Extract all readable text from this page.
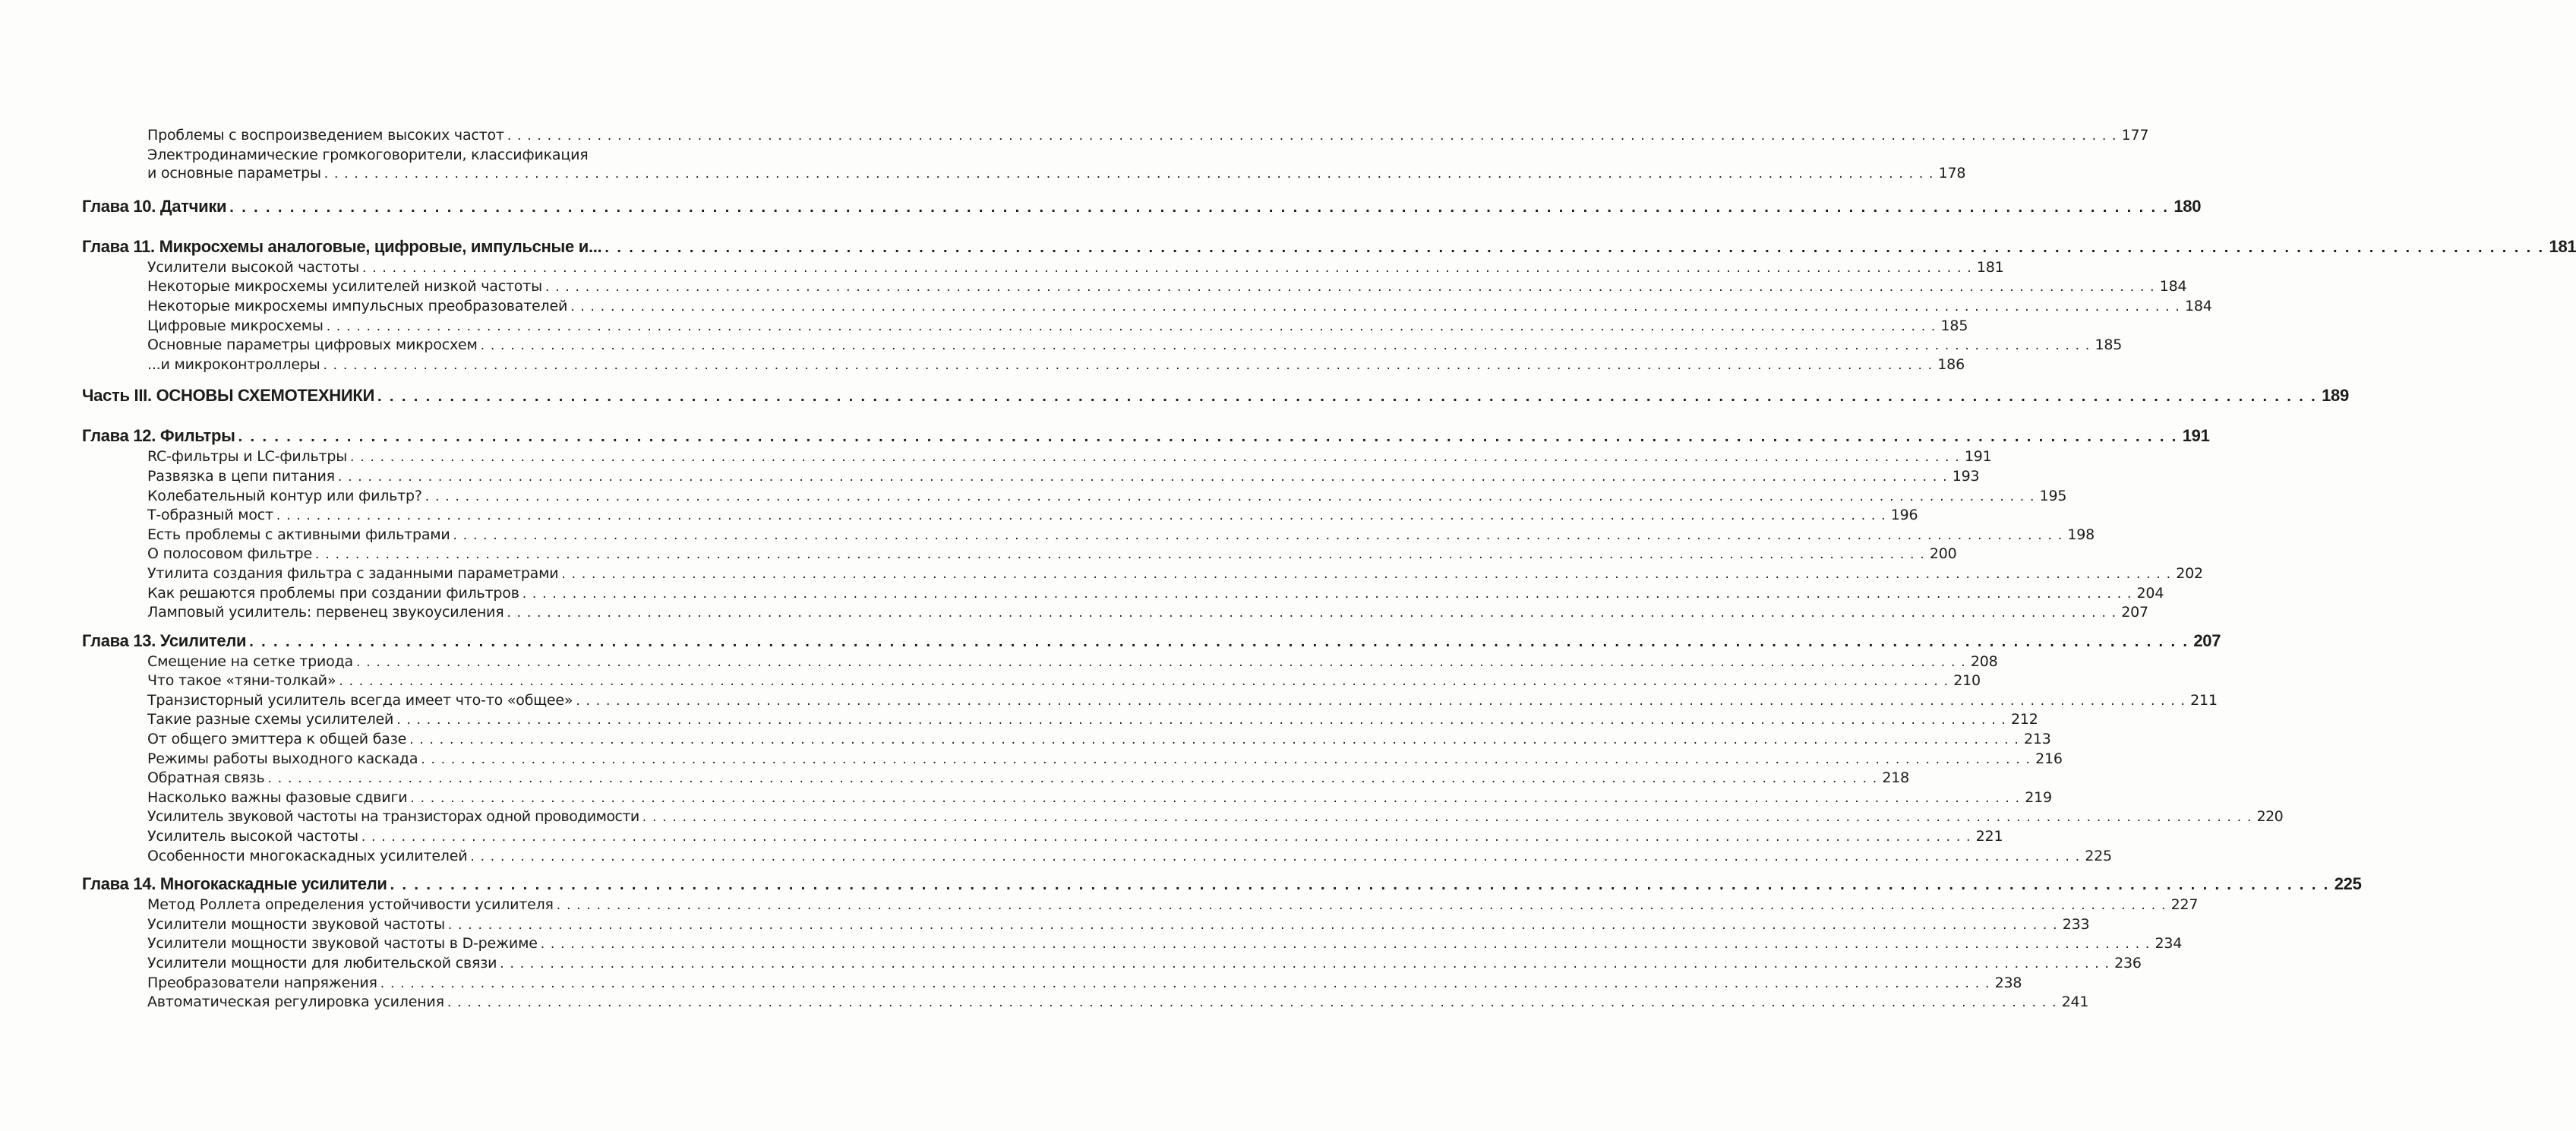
Проблемы с воспроизведением высоких частот . . .	177
Электродинамические громкоговорители, классификация
и основные параметры . . .	178
Глава 10. Датчики . . .	180
Глава 11. Микросхемы аналоговые, цифровые, импульсные и... . . .	181
Усилители высокой частоты . . .	181
Некоторые микросхемы усилителей низкой частоты . . .	184
Некоторые микросхемы импульсных преобразователей . . .	184
Цифровые микросхемы . . .	185
Основные параметры цифровых микросхем . . .	185
...и микроконтроллеры . . .	186
Часть III. ОСНОВЫ СХЕМОТЕХНИКИ . . .	189
Глава 12. Фильтры . . .	191
RC-фильтры и LC-фильтры . . .	191
Развязка в цепи питания . . .	193
Колебательный контур или фильтр? . . .	195
Т-образный мост . . .	196
Есть проблемы с активными фильтрами . . .	198
О полосовом фильтре . . .	200
Утилита создания фильтра с заданными параметрами . . .	202
Как решаются проблемы при создании фильтров . . .	204
Ламповый усилитель: первенец звукоусиления . . .	207
Глава 13. Усилители . . .	207
Смещение на сетке триода . . .	208
Что такое «тяни-толкай» . . .	210
Транзисторный усилитель всегда имеет что-то «общее» . . .	211
Такие разные схемы усилителей . . .	212
От общего эмиттера к общей базе . . .	213
Режимы работы выходного каскада . . .	216
Обратная связь . . .	218
Насколько важны фазовые сдвиги . . .	219
Усилитель звуковой частоты на транзисторах одной проводимости . . .	220
Усилитель высокой частоты . . .	221
Особенности многокаскадных усилителей . . .	225
Глава 14. Многокаскадные усилители . . .	225
Метод Роллета определения устойчивости усилителя . . .	227
Усилители мощности звуковой частоты . . .	233
Усилители мощности звуковой частоты в D-режиме . . .	234
Усилители мощности для любительской связи . . .	236
Преобразователи напряжения . . .	238
Автоматическая регулировка усиления . . .	241
